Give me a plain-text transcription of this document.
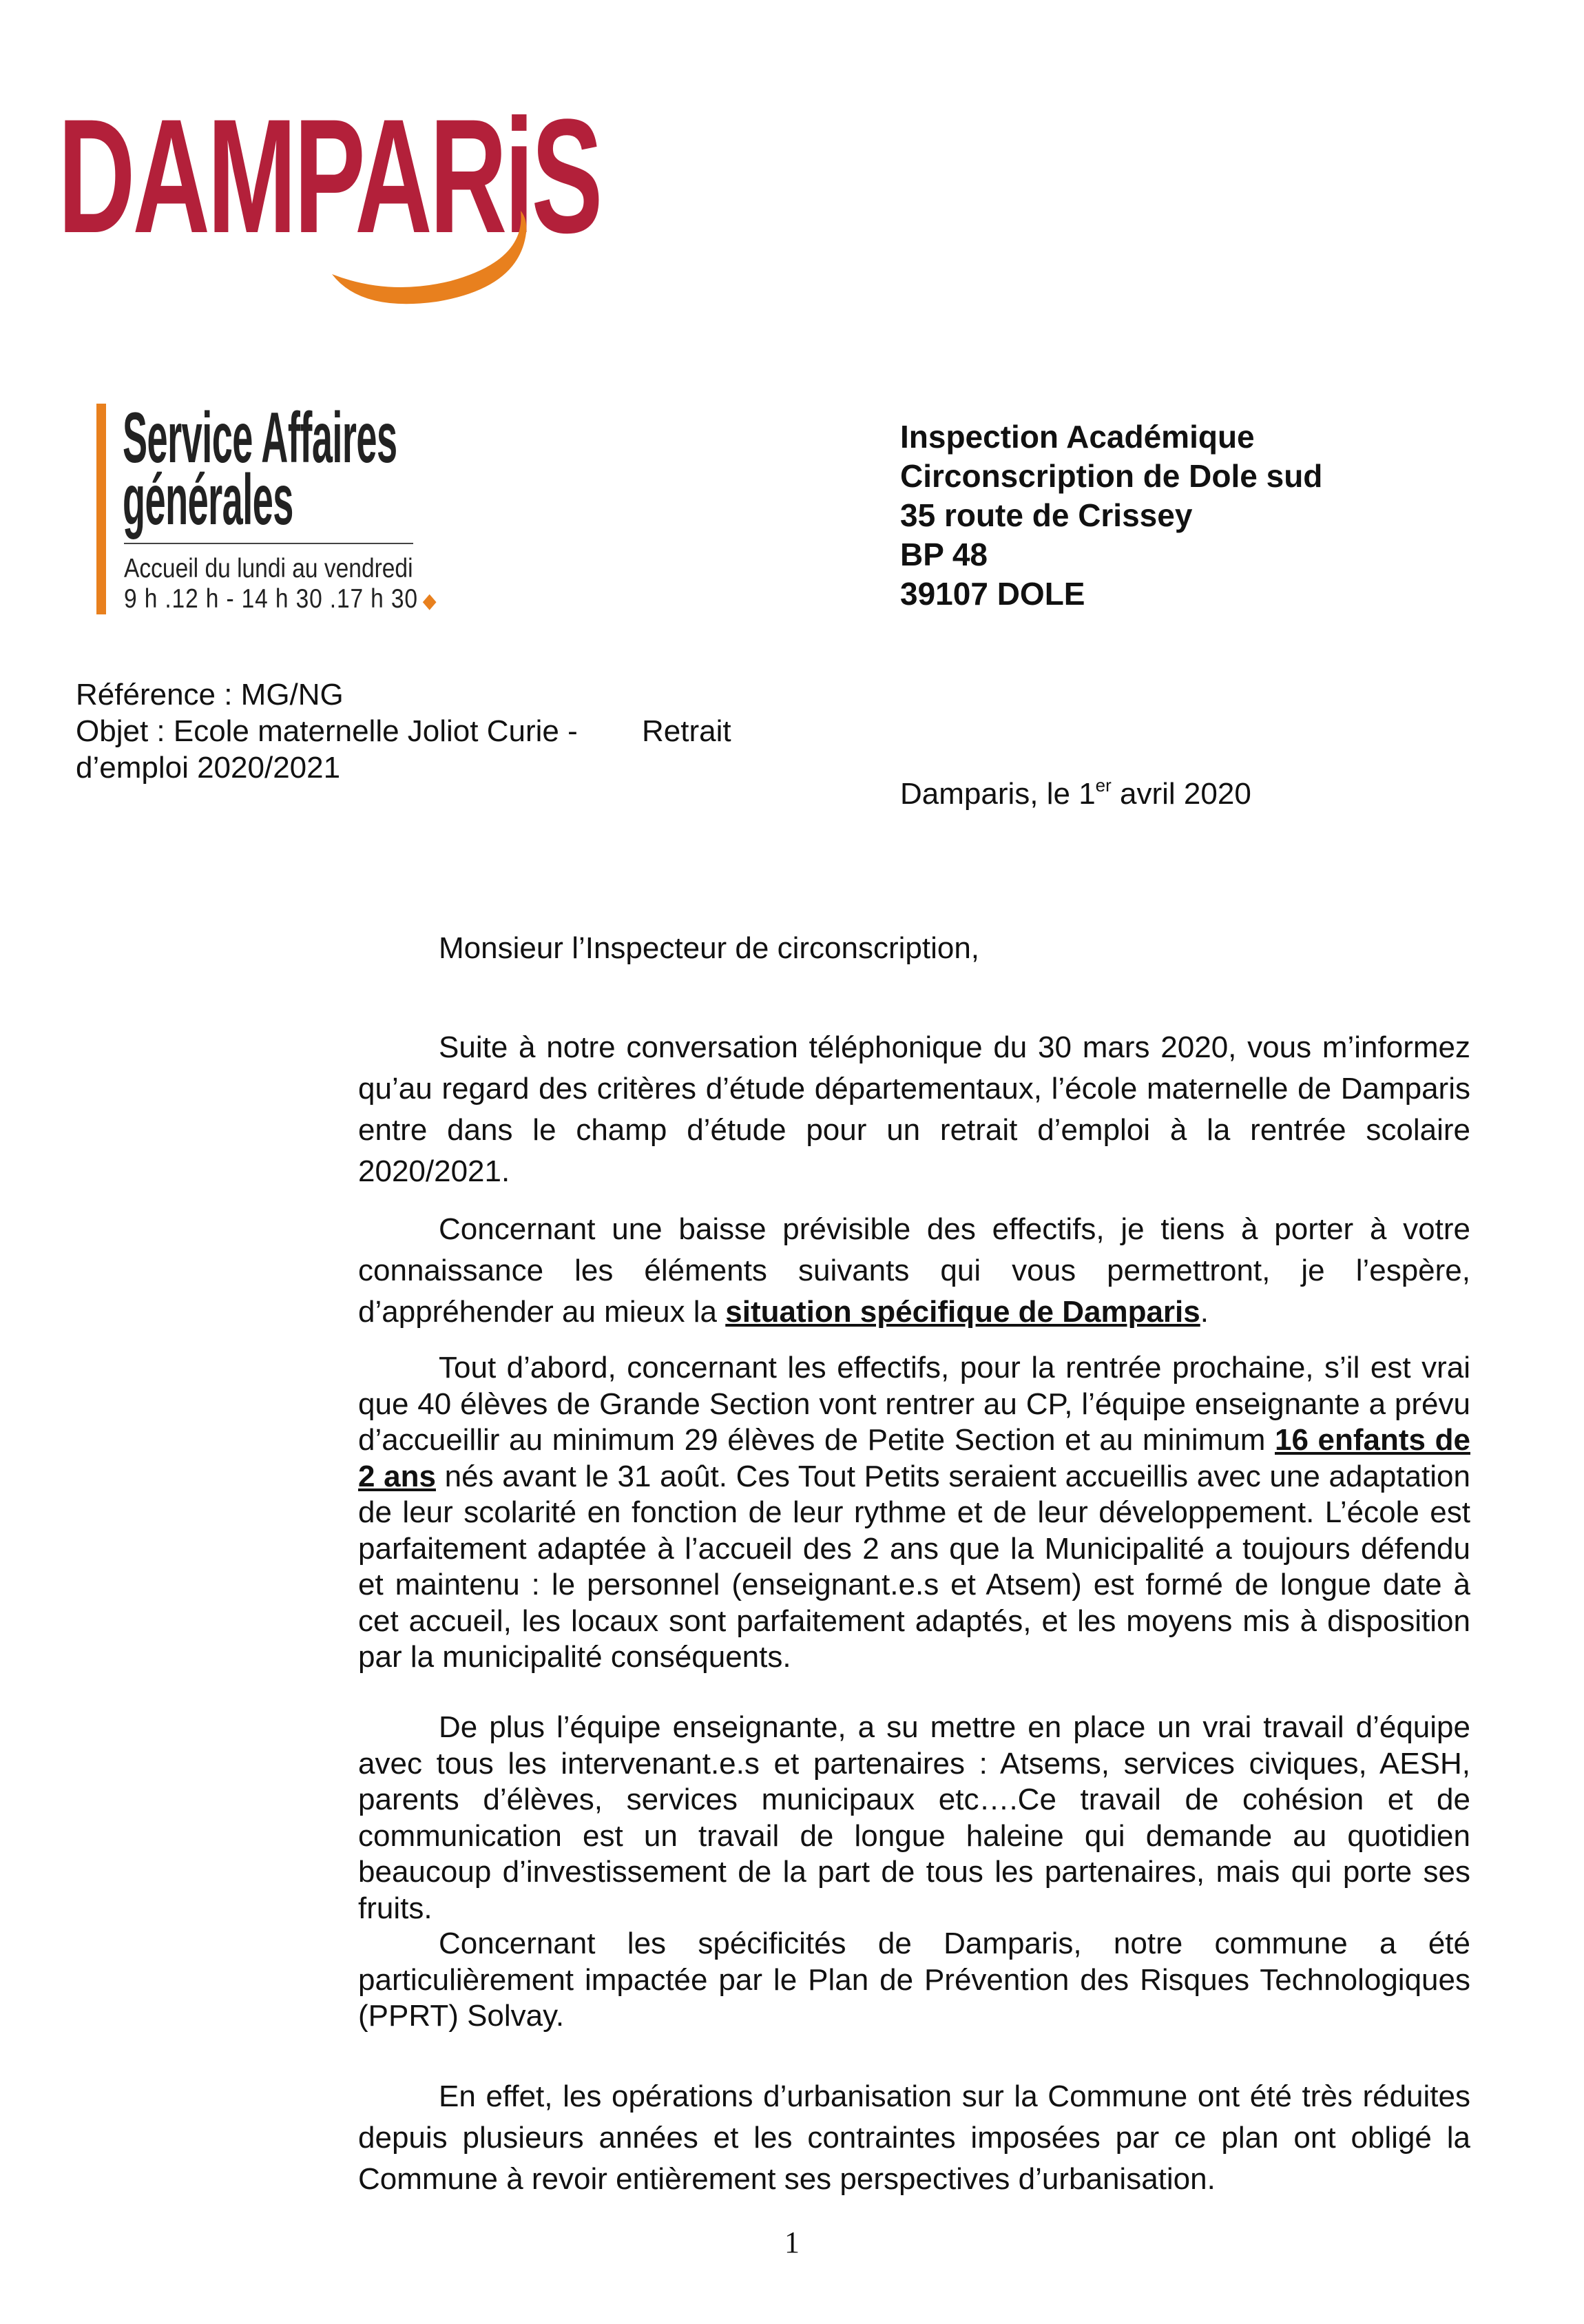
DAMPARiS
Service Affaires
générales
Accueil du lundi au vendredi
9 h .12 h - 14 h 30 .17 h 30 ◆
Inspection Académique
Circonscription de Dole sud
35 route de Crissey
BP 48
39107 DOLE
Référence : MG/NG
Objet : Ecole maternelle Joliot Curie - Retrait
d’emploi 2020/2021
Damparis, le 1er avril 2020
Monsieur l’Inspecteur de circonscription,

Suite à notre conversation téléphonique du 30 mars 2020, vous m’informez qu’au regard des critères d’étude départementaux, l’école maternelle de Damparis entre dans le champ d’étude pour un retrait d’emploi à la rentrée scolaire 2020/2021.

Concernant une baisse prévisible des effectifs, je tiens à porter à votre connaissance les éléments suivants qui vous permettront, je l’espère, d’appréhender au mieux la situation spécifique de Damparis.

Tout d’abord, concernant les effectifs, pour la rentrée prochaine, s’il est vrai que 40 élèves de Grande Section vont rentrer au CP, l’équipe enseignante a prévu d’accueillir au minimum 29 élèves de Petite Section et au minimum 16 enfants de 2 ans nés avant le 31 août. Ces Tout Petits seraient accueillis avec une adaptation de leur scolarité en fonction de leur rythme et de leur développement. L’école est parfaitement adaptée à l’accueil des 2 ans que la Municipalité a toujours défendu et maintenu : le personnel (enseignant.e.s et Atsem) est formé de longue date à cet accueil, les locaux sont parfaitement adaptés, et les moyens mis à disposition par la municipalité conséquents.

De plus l’équipe enseignante, a su mettre en place un vrai travail d’équipe avec tous les intervenant.e.s et partenaires : Atsems, services civiques, AESH, parents d’élèves, services municipaux etc….Ce travail de cohésion et de communication est un travail de longue haleine qui demande au quotidien beaucoup d’investissement de la part de tous les partenaires, mais qui porte ses fruits.

Concernant les spécificités de Damparis, notre commune a été particulièrement impactée par le Plan de Prévention des Risques Technologiques (PPRT) Solvay.

En effet, les opérations d’urbanisation sur la Commune ont été très réduites depuis plusieurs années et les contraintes imposées par ce plan ont obligé la Commune à revoir entièrement ses perspectives d’urbanisation.

1
